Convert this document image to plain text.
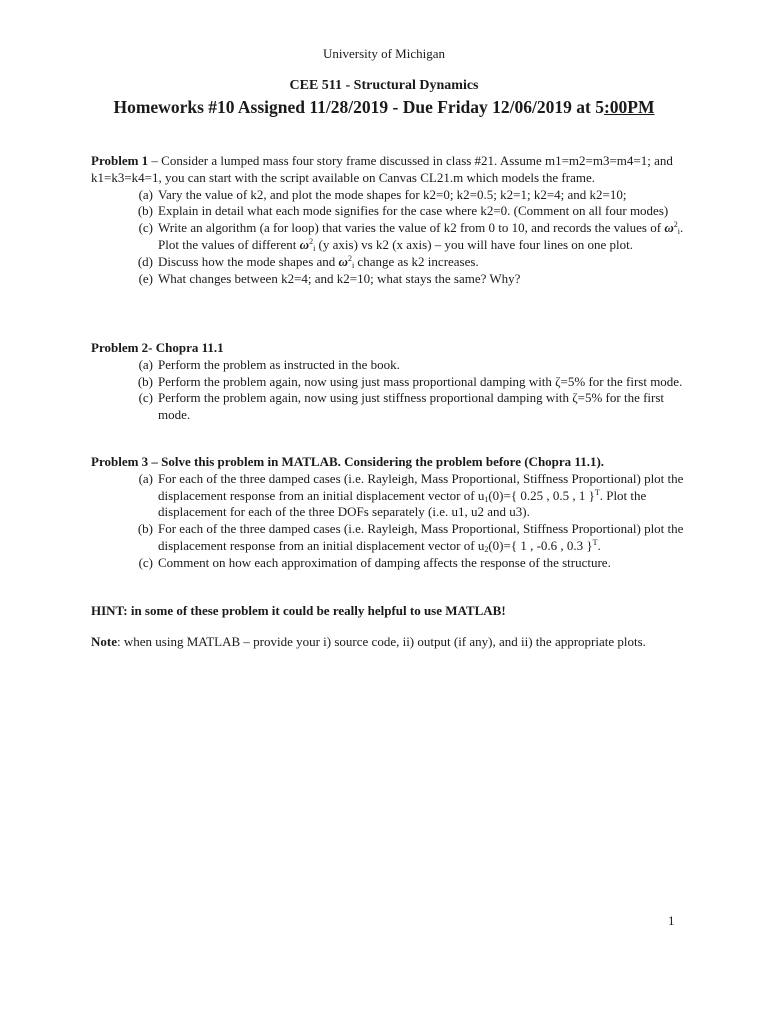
University of Michigan
CEE 511 - Structural Dynamics
Homeworks #10 Assigned 11/28/2019 - Due Friday 12/06/2019 at 5:00PM
Problem 1 – Consider a lumped mass four story frame discussed in class #21. Assume m1=m2=m3=m4=1; and k1=k3=k4=1, you can start with the script available on Canvas CL21.m which models the frame.
(a) Vary the value of k2, and plot the mode shapes for k2=0; k2=0.5; k2=1; k2=4; and k2=10;
(b) Explain in detail what each mode signifies for the case where k2=0. (Comment on all four modes)
(c) Write an algorithm (a for loop) that varies the value of k2 from 0 to 10, and records the values of $\omega^2i$. Plot the values of different $\omega^2i$ (y axis) vs k2 (x axis) – you will have four lines on one plot.
(d) Discuss how the mode shapes and $\omega^2i$ change as k2 increases.
(e) What changes between k2=4; and k2=10; what stays the same? Why?
Problem 2- Chopra 11.1
(a) Perform the problem as instructed in the book.
(b) Perform the problem again, now using just mass proportional damping with ζ=5% for the first mode.
(c) Perform the problem again, now using just stiffness proportional damping with ζ=5% for the first mode.
Problem 3 – Solve this problem in MATLAB. Considering the problem before (Chopra 11.1).
(a) For each of the three damped cases (i.e. Rayleigh, Mass Proportional, Stiffness Proportional) plot the displacement response from an initial displacement vector of u1(0)={ 0.25 , 0.5 , 1 }$^T$. Plot the displacement for each of the three DOFs separately (i.e. u1, u2 and u3).
(b) For each of the three damped cases (i.e. Rayleigh, Mass Proportional, Stiffness Proportional) plot the displacement response from an initial displacement vector of u2(0)={ 1 , -0.6 , 0.3 }$^T$.
(c) Comment on how each approximation of damping affects the response of the structure.
HINT: in some of these problem it could be really helpful to use MATLAB!
Note: when using MATLAB – provide your i) source code, ii) output (if any), and ii) the appropriate plots.
1
